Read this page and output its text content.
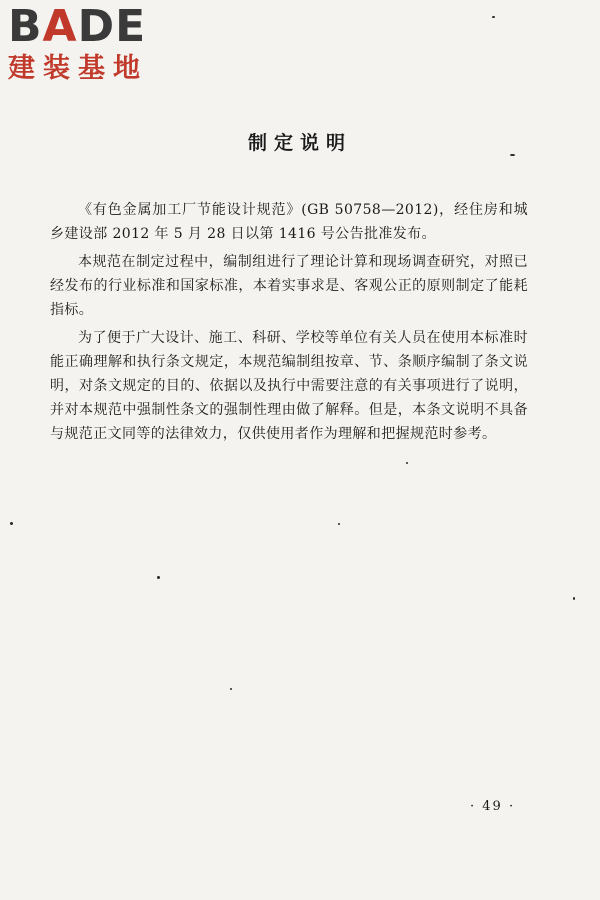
B A DE
建装基地
制定说明

《有色金属加工厂节能设计规范》(GB 50758—2012)，经住房和城乡建设部 2012 年 5 月 28 日以第 1416 号公告批准发布。

本规范在制定过程中，编制组进行了理论计算和现场调查研究，对照已经发布的行业标准和国家标准，本着实事求是、客观公正的原则制定了能耗指标。

为了便于广大设计、施工、科研、学校等单位有关人员在使用本标准时能正确理解和执行条文规定，本规范编制组按章、节、条顺序编制了条文说明，对条文规定的目的、依据以及执行中需要注意的有关事项进行了说明，并对本规范中强制性条文的强制性理由做了解释。但是，本条文说明不具备与规范正文同等的法律效力，仅供使用者作为理解和把握规范时参考。

· 49 ·
